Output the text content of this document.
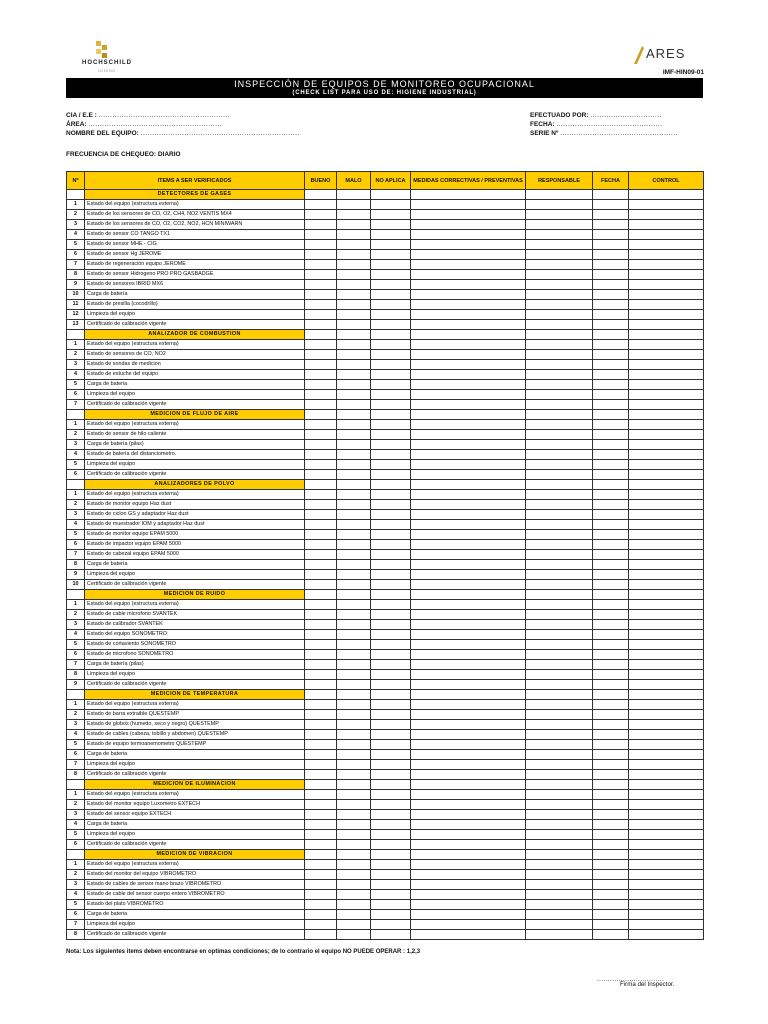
HOCHSCHILD
MINING
ARES
IMF-HIN09-01
INSPECCIÓN DE EQUIPOS DE MONITOREO OCUPACIONAL
(CHECK LIST PARA USO DE: HIGIENE INDUSTRIAL)
CIA / E.E : .........................................................
ÁREA: ..........................................................
NOMBRE DEL EQUIPO: .....................................................................
EFECTUADO POR: ...............................
FECHA: ..............................................
SERIE Nº ...................................................
FRECUENCIA DE CHEQUEO: DIARIO
Nº	ITEMS A SER VERIFICADOS	BUENO	MALO	NO APLICA	MEDIDAS CORRECTIVAS / PREVENTIVAS	RESPONSABLE	FECHA	CONTROL
	DETECTORES DE GASES							
1	Estado del equipo (estructura externa)							
2	Estado de los sensores de CO, O2, CH4, NO2 VENTIS MX4							
3	Estado de los sensores de CO, O2, CO2, NO2, HCN MINIWARN							
4	Estado de sensor CO TANGO TX1							
5	Estado de sensor MHE - CIG							
6	Estado de sensor Hg JEROME							
7	Estado de regeneración equipo JEROME							
8	Estado de sensor Hidrogeno PRO PRO GASBADGE							
9	Estado de sensores IBRID MX6							
10	Carga de batería							
11	Estado de presilla (cocodrillo)							
12	Limpieza del equipo							
13	Certificado de calibración vigente							
	ANALIZADOR DE COMBUSTION							
1	Estado del equipo (estructura externa)							
2	Estado de sensores de CO, NO2							
3	Estado de sondas de medicion							
4	Estado de estuche del equipo							
5	Carga de bateria							
6	Limpieza del equipo							
7	Certificado de calibración vigente							
	MEDICION DE FLUJO DE AIRE							
1	Estado del equipo (estructura externa)							
2	Estado de sensor de hilo caliente							
3	Carga de batería (pilas)							
4	Estado de batería del distanciometro.							
5	Limpieza del equipo							
6	Certificado de calibración vigente							
	ANALIZADORES DE POLVO							
1	Estado del equipo (estructura externa)							
2	Estado de monitor equipo Haz dust							
3	Estado de ciclon GS y adaptador Haz dust							
4	Estado de muestrador IOM y adaptador Haz dust							
5	Estado de monitor equipo EPAM 5000							
6	Estado de impactor equipo EPAM 5000							
7	Estado de cabezal equipo EPAM 5000							
8	Carga de batería							
9	Limpieza del equipo							
10	Certificado de calibración vigente							
	MEDICION DE RUIDO							
1	Estado del equipo (estructura externa)							
2	Estado de cable microfono SVANTEK							
3	Estado de calibrador SVANTEK							
4	Estado del equipo SONOMETRO							
5	Estado de cortaviento SONOMETRO							
6	Estado de microfono SONOMETRO							
7	Carga de batería (pilas)							
8	Limpieza del equipo							
9	Certificado de calibración vigente							
	MEDICION DE TEMPERATURA							
1	Estado del equipo (estructura externa)							
2	Estado de barra extraible QUESTEMP							
3	Estado de globos (humedo, seco y negro) QUESTEMP							
4	Estado de cables (cabeza, tobillo y abdomen) QUESTEMP							
5	Estado de equipo termoanemometro QUESTEMP							
6	Carga de bateria							
7	Limpieza del equipo							
8	Certificado de calibración vigente							
	MEDICION DE ILUMINACION							
1	Estado del equipo (estructura externa)							
2	Estado del monitor equipo Luxometro EXTECH							
3	Estado del sensor equipo EXTECH							
4	Carga de bateria							
5	Limpieza del equipo							
6	Certificado de calibración vigente							
	MEDICION DE VIBRACION							
1	Estado del equipo (estructura externa)							
2	Estado del monitor del equipo VIBROMETRO							
3	Estado de cables de sensor mano brazo VIBROMETRO							
4	Estado de cable del sensor cuerpo entero VIBROMETRO							
5	Estado del plato VIBROMETRO							
6	Carga de bateria							
7	Limpieza del equipo							
8	Certificado de calibración vigente							
Nota: Los siguientes items deben encontrarse en optimas condiciones; de lo contrario el equipo NO PUEDE OPERAR : 1,2,3
...............................
Firma del Inspector.
